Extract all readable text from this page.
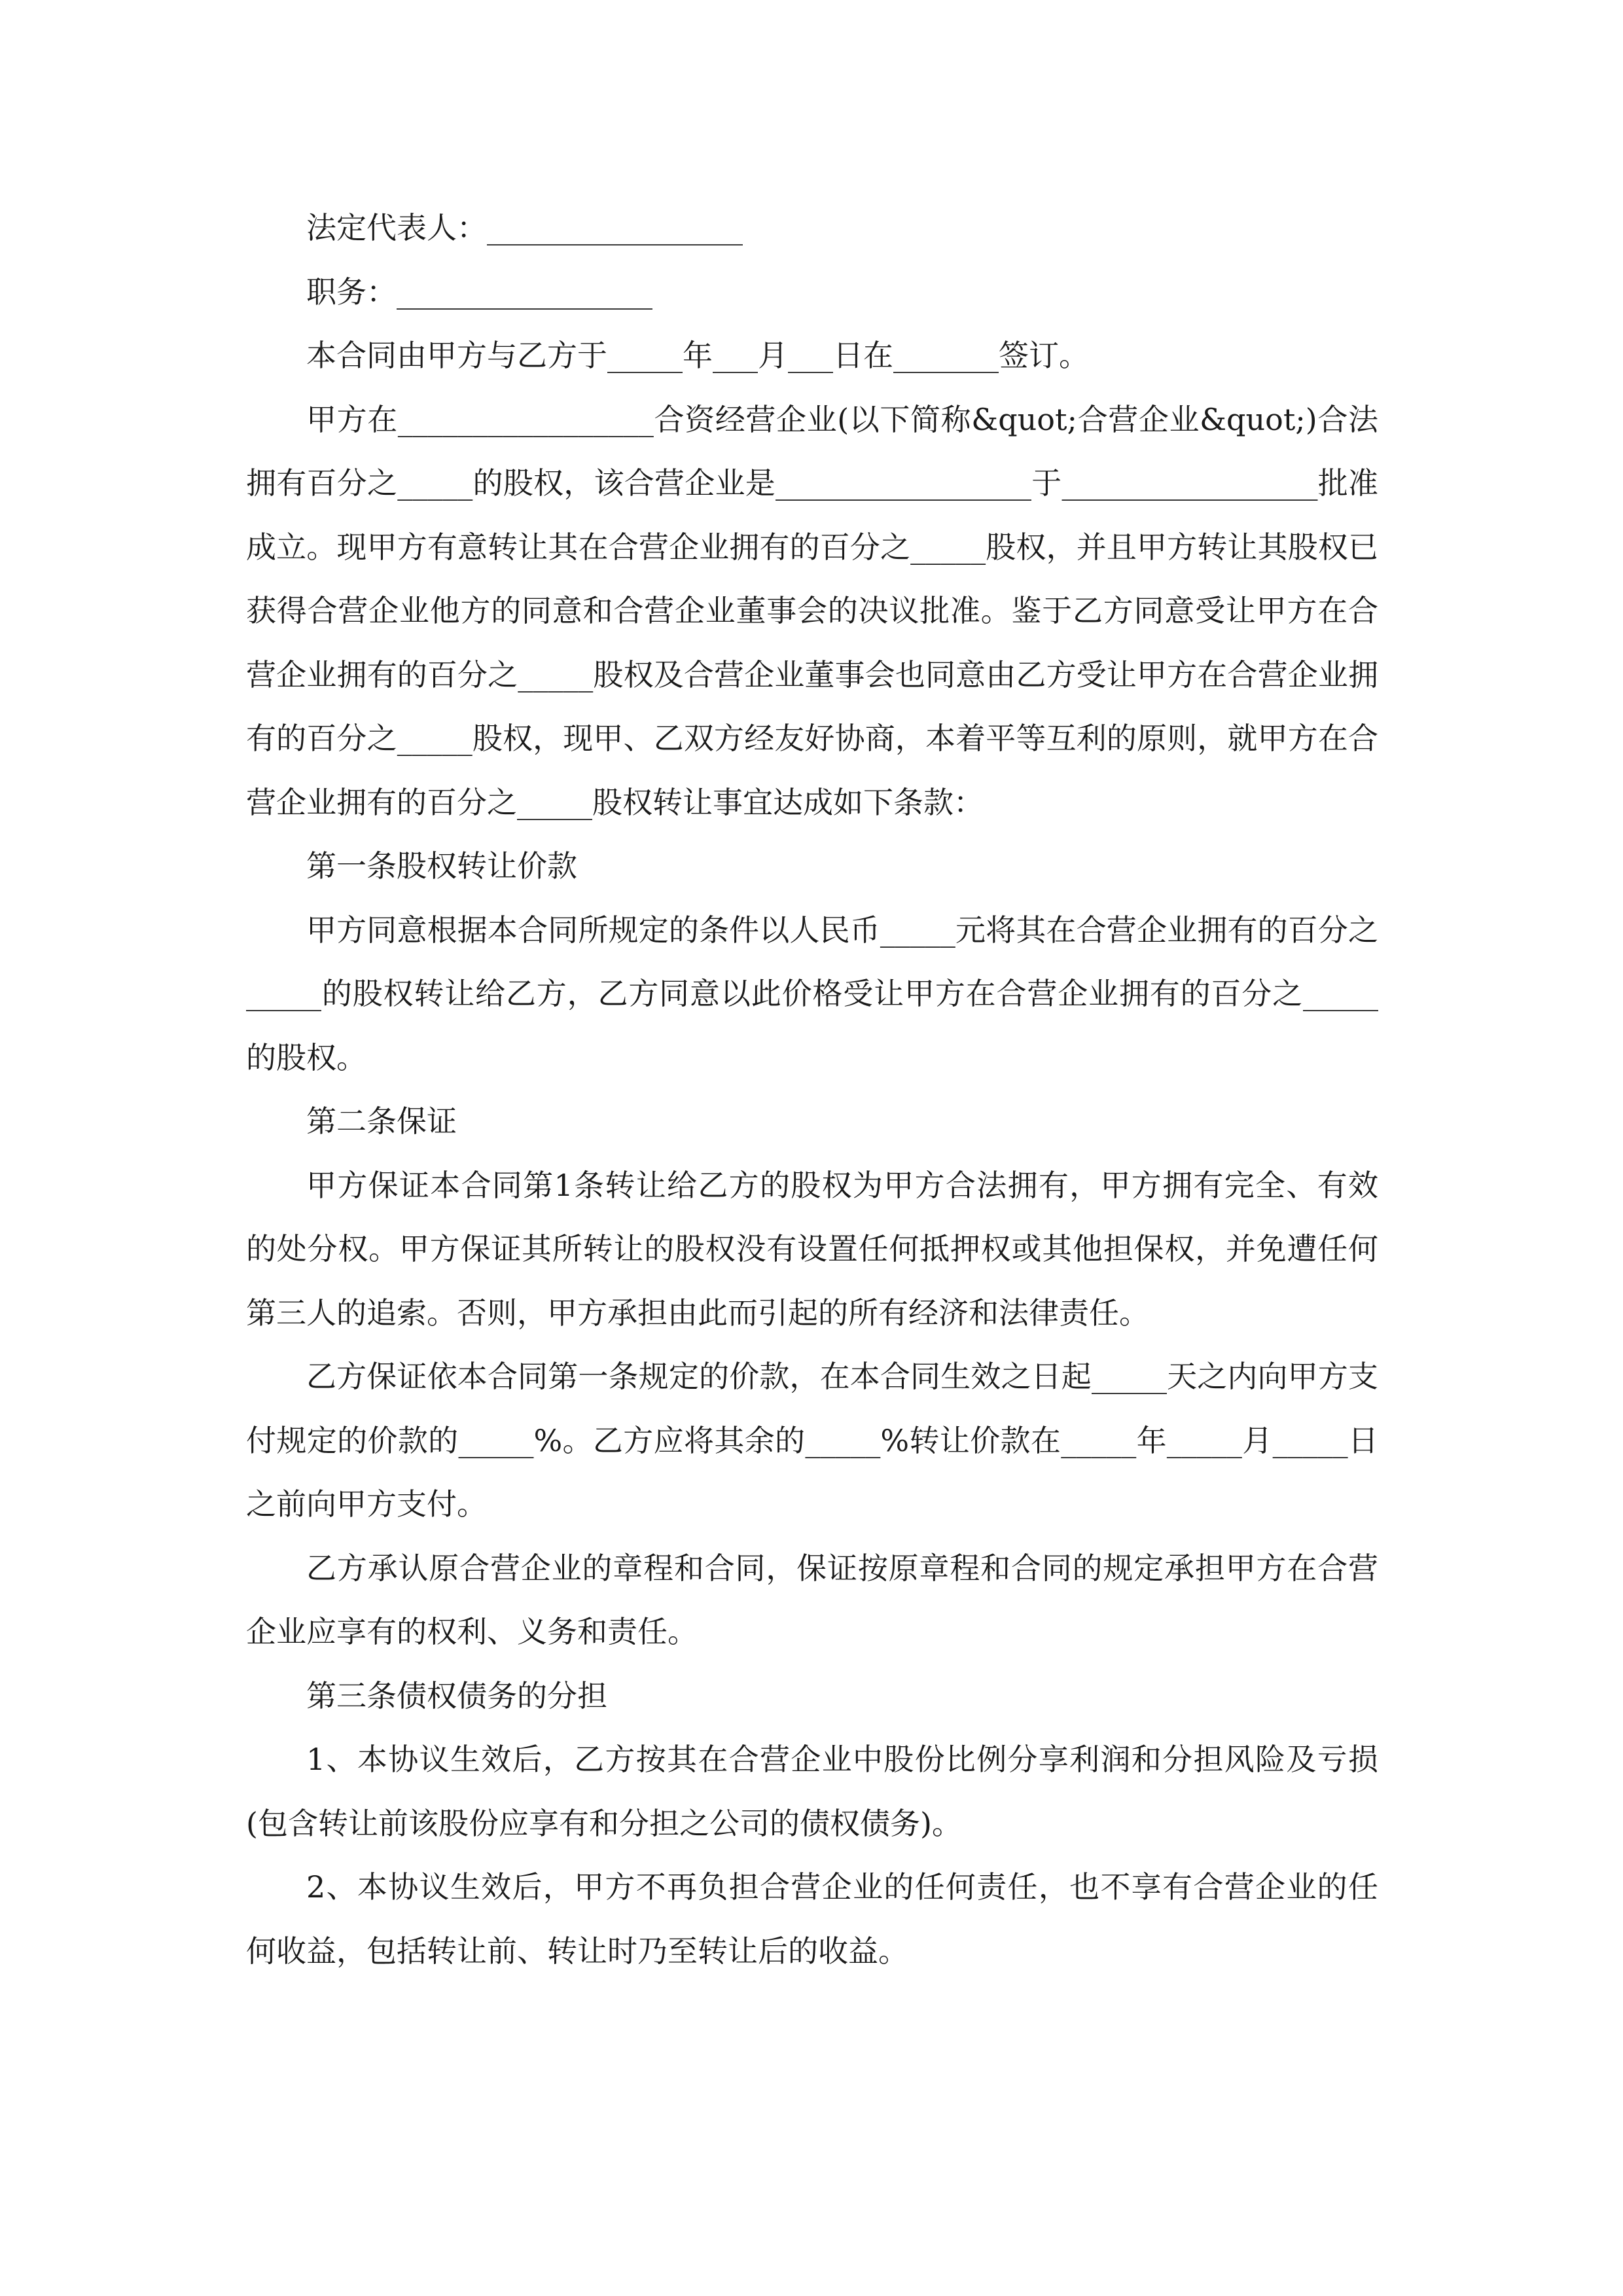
法定代表人：_________________

职务：_________________

本合同由甲方与乙方于_____年___月___日在_______签订。

甲方在_________________合资经营企业(以下简称&quot;合营企业&quot;)合法拥有百分之_____的股权，该合营企业是_________________于_________________批准成立。现甲方有意转让其在合营企业拥有的百分之_____股权，并且甲方转让其股权已获得合营企业他方的同意和合营企业董事会的决议批准。鉴于乙方同意受让甲方在合营企业拥有的百分之_____股权及合营企业董事会也同意由乙方受让甲方在合营企业拥有的百分之_____股权，现甲、乙双方经友好协商，本着平等互利的原则，就甲方在合营企业拥有的百分之_____股权转让事宜达成如下条款：

第一条股权转让价款

甲方同意根据本合同所规定的条件以人民币_____元将其在合营企业拥有的百分之_____的股权转让给乙方，乙方同意以此价格受让甲方在合营企业拥有的百分之_____的股权。

第二条保证

甲方保证本合同第1条转让给乙方的股权为甲方合法拥有，甲方拥有完全、有效的处分权。甲方保证其所转让的股权没有设置任何抵押权或其他担保权，并免遭任何第三人的追索。否则，甲方承担由此而引起的所有经济和法律责任。

乙方保证依本合同第一条规定的价款，在本合同生效之日起_____天之内向甲方支付规定的价款的_____%。乙方应将其余的_____%转让价款在_____年_____月_____日之前向甲方支付。

乙方承认原合营企业的章程和合同，保证按原章程和合同的规定承担甲方在合营企业应享有的权利、义务和责任。

第三条债权债务的分担

1、本协议生效后，乙方按其在合营企业中股份比例分享利润和分担风险及亏损(包含转让前该股份应享有和分担之公司的债权债务)。

2、本协议生效后，甲方不再负担合营企业的任何责任，也不享有合营企业的任何收益，包括转让前、转让时乃至转让后的收益。
